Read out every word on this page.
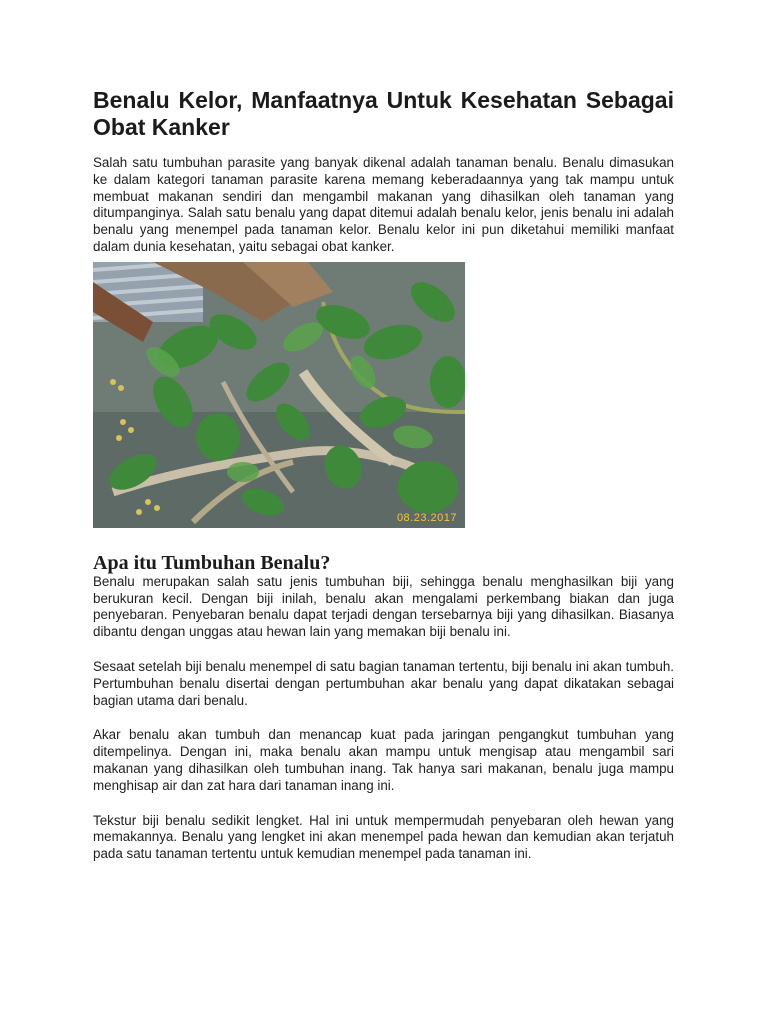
Benalu Kelor, Manfaatnya Untuk Kesehatan Sebagai Obat Kanker

Salah satu tumbuhan parasite yang banyak dikenal adalah tanaman benalu. Benalu dimasukan ke dalam kategori tanaman parasite karena memang keberadaannya yang tak mampu untuk membuat makanan sendiri dan mengambil makanan yang dihasilkan oleh tanaman yang ditumpanginya. Salah satu benalu yang dapat ditemui adalah benalu kelor, jenis benalu ini adalah benalu yang menempel pada tanaman kelor. Benalu kelor ini pun diketahui memiliki manfaat dalam dunia kesehatan, yaitu sebagai obat kanker.

08.23.2017
Apa itu Tumbuhan Benalu?

Benalu merupakan salah satu jenis tumbuhan biji, sehingga benalu menghasilkan biji yang berukuran kecil. Dengan biji inilah, benalu akan mengalami perkembang biakan dan juga penyebaran. Penyebaran benalu dapat terjadi dengan tersebarnya biji yang dihasilkan. Biasanya dibantu dengan unggas atau hewan lain yang memakan biji benalu ini.

Sesaat setelah biji benalu menempel di satu bagian tanaman tertentu, biji benalu ini akan tumbuh. Pertumbuhan benalu disertai dengan pertumbuhan akar benalu yang dapat dikatakan sebagai bagian utama dari benalu.

Akar benalu akan tumbuh dan menancap kuat pada jaringan pengangkut tumbuhan yang ditempelinya. Dengan ini, maka benalu akan mampu untuk mengisap atau mengambil sari makanan yang dihasilkan oleh tumbuhan inang. Tak hanya sari makanan, benalu juga mampu menghisap air dan zat hara dari tanaman inang ini.

Tekstur biji benalu sedikit lengket. Hal ini untuk mempermudah penyebaran oleh hewan yang memakannya. Benalu yang lengket ini akan menempel pada hewan dan kemudian akan terjatuh pada satu tanaman tertentu untuk kemudian menempel pada tanaman ini.
